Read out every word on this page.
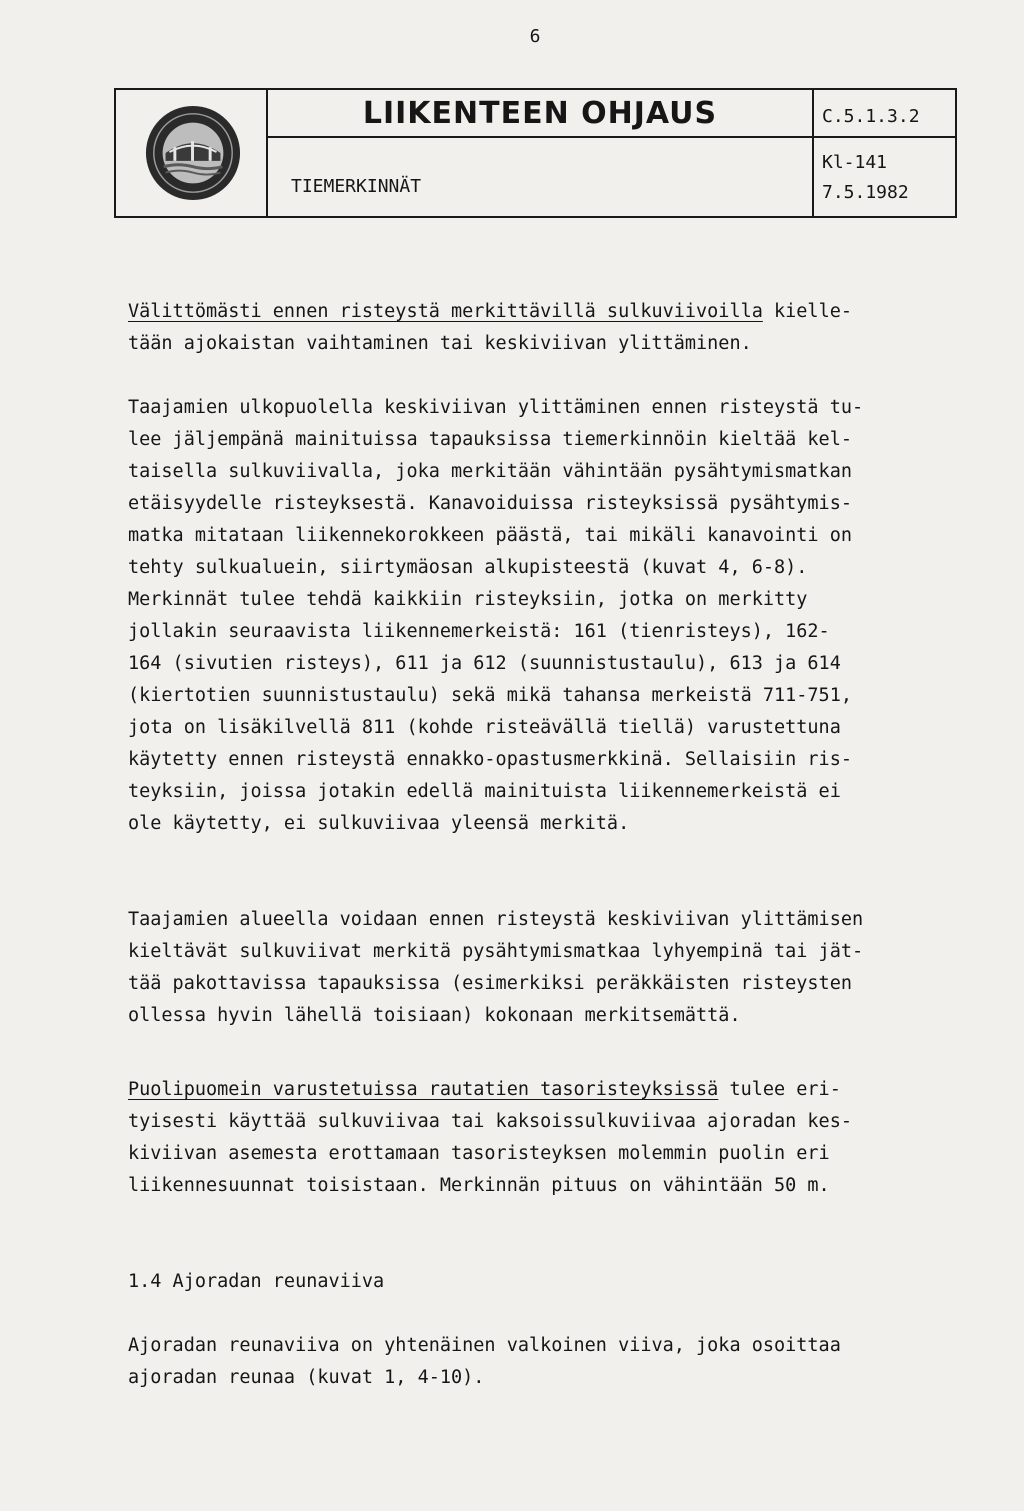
6
LIIKENTEEN OHJAUS
TIEMERKINNÄT
C.5.1.3.2
Kl-141
7.5.1982

Välittömästi ennen risteystä merkittävillä sulkuviivoilla kielle-
tään ajokaistan vaihtaminen tai keskiviivan ylittäminen.

Taajamien ulkopuolella keskiviivan ylittäminen ennen risteystä tu-
lee jäljempänä mainituissa tapauksissa tiemerkinnöin kieltää kel-
taisella sulkuviivalla, joka merkitään vähintään pysähtymismatkan
etäisyydelle risteyksestä. Kanavoiduissa risteyksissä pysähtymis-
matka mitataan liikennekorokkeen päästä, tai mikäli kanavointi on
tehty sulkualuein, siirtymäosan alkupisteestä (kuvat 4, 6-8).
Merkinnät tulee tehdä kaikkiin risteyksiin, jotka on merkitty
jollakin seuraavista liikennemerkeistä: 161 (tienristeys), 162-
164 (sivutien risteys), 611 ja 612 (suunnistustaulu), 613 ja 614
(kiertotien suunnistustaulu) sekä mikä tahansa merkeistä 711-751,
jota on lisäkilvellä 811 (kohde risteävällä tiellä) varustettuna
käytetty ennen risteystä ennakko-opastusmerkkinä. Sellaisiin ris-
teyksiin, joissa jotakin edellä mainituista liikennemerkeistä ei
ole käytetty, ei sulkuviivaa yleensä merkitä.

Taajamien alueella voidaan ennen risteystä keskiviivan ylittämisen
kieltävät sulkuviivat merkitä pysähtymismatkaa lyhyempinä tai jät-
tää pakottavissa tapauksissa (esimerkiksi peräkkäisten risteysten
ollessa hyvin lähellä toisiaan) kokonaan merkitsemättä.

Puolipuomein varustetuissa rautatien tasoristeyksissä tulee eri-
tyisesti käyttää sulkuviivaa tai kaksoissulkuviivaa ajoradan kes-
kiviivan asemesta erottamaan tasoristeyksen molemmin puolin eri
liikennesuunnat toisistaan. Merkinnän pituus on vähintään 50 m.

1.4 Ajoradan reunaviiva

Ajoradan reunaviiva on yhtenäinen valkoinen viiva, joka osoittaa
ajoradan reunaa (kuvat 1, 4-10).
